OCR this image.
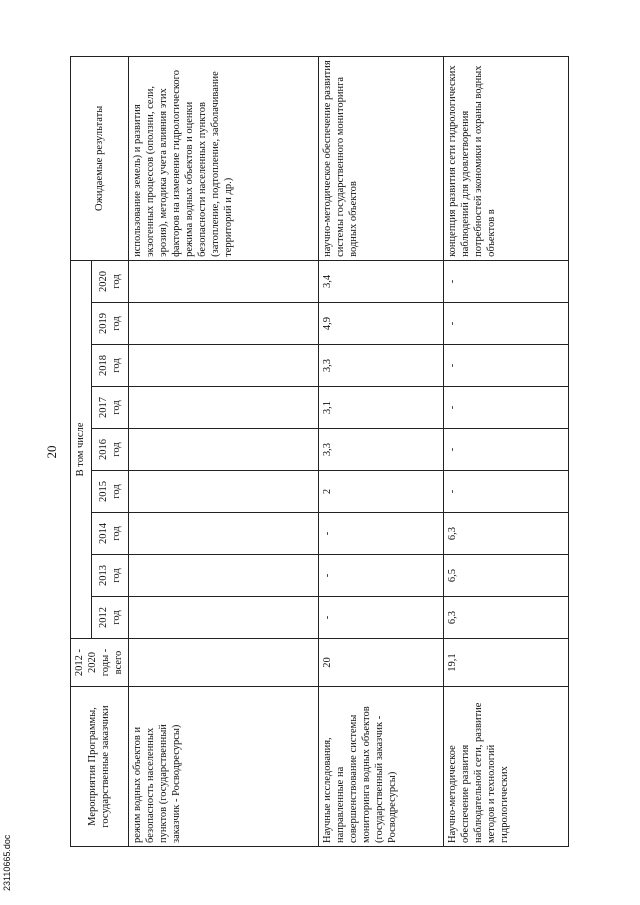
20
Мероприятия Программы, государственные заказчики	2012 - 2020 годы - всего	В том числе									Ожидаемые результаты
		2012 год	2013 год	2014 год	2015 год	2016 год	2017 год	2018 год	2019 год	2020 год	
режим водных объектов и безопасность населенных пунктов (государственный заказчик - Росводресурсы)											использование земель) и развития экзогенных процессов (оползни, сели, эрозия), методика учета влияния этих факторов на изменение гидрологического режима водных объектов и оценки безопасности населенных пунктов (затопление, подтопление, заболачивание территорий и др.)
Научные исследования, направленные на совершенствование системы мониторинга водных объектов (государственный заказчик - Росводресурсы)	20	-	-	-	2	3,3	3,1	3,3	4,9	3,4	научно-методическое обеспечение развития системы государственного мониторинга водных объектов
Научно-методическое обеспечение развития наблюдательной сети, развитие методов и технологий гидрологических	19,1	6,3	6,5	6,3	-	-	-	-	-	-	концепция развития сети гидрологических наблюдений для удовлетворения потребностей экономики и охраны водных объектов в
23110665.doc
